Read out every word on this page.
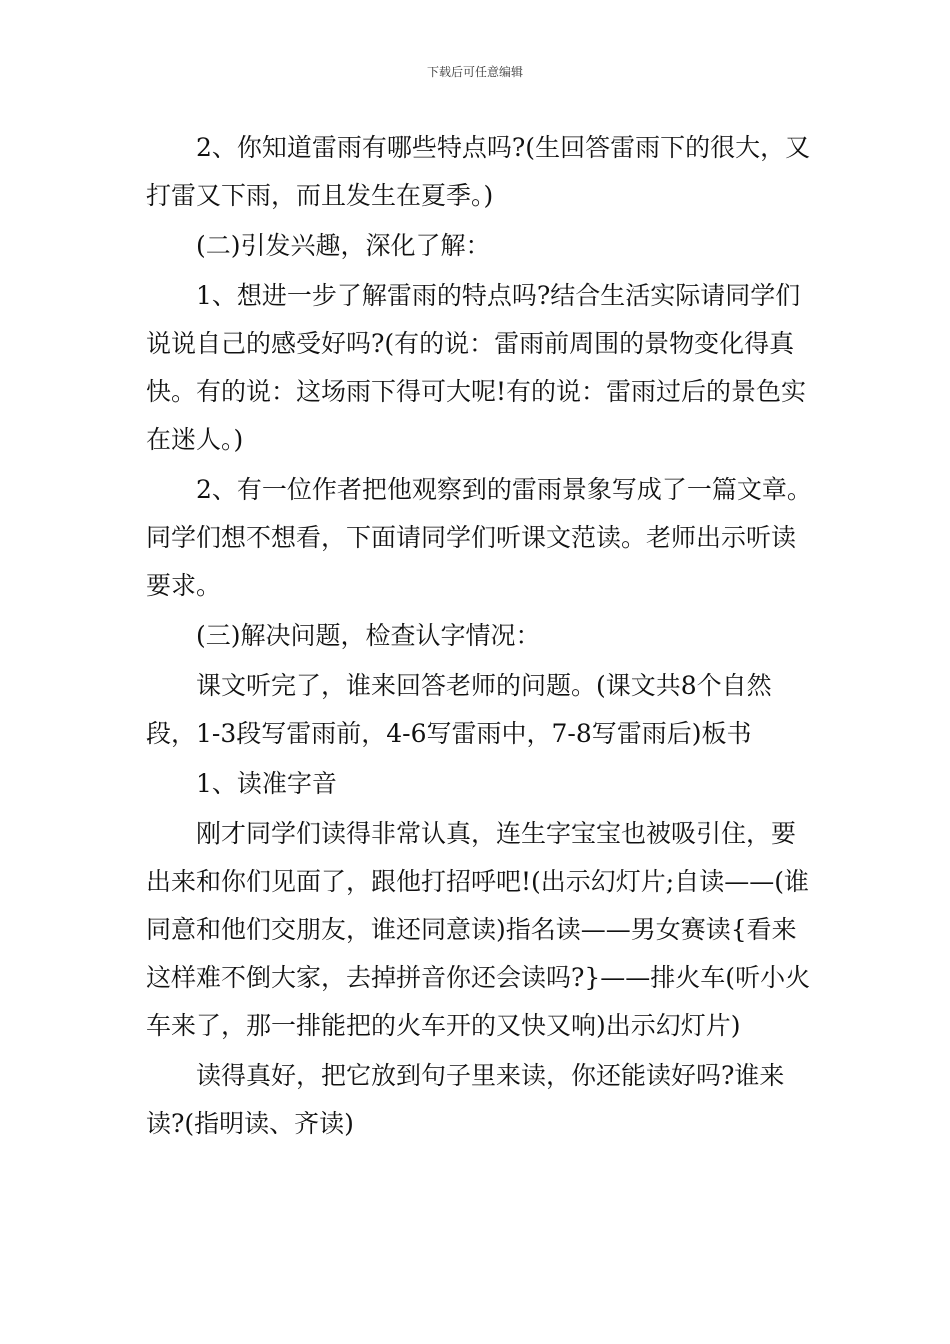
下载后可任意编辑

2、你知道雷雨有哪些特点吗?(生回答雷雨下的很大，又打雷又下雨，而且发生在夏季。)

(二)引发兴趣，深化了解：

1、想进一步了解雷雨的特点吗?结合生活实际请同学们说说自己的感受好吗?(有的说：雷雨前周围的景物变化得真快。有的说：这场雨下得可大呢!有的说：雷雨过后的景色实在迷人。)

2、有一位作者把他观察到的雷雨景象写成了一篇文章。同学们想不想看，下面请同学们听课文范读。老师出示听读要求。

(三)解决问题，检查认字情况：

课文听完了，谁来回答老师的问题。(课文共8个自然段，1-3段写雷雨前，4-6写雷雨中，7-8写雷雨后)板书

1、读准字音

刚才同学们读得非常认真，连生字宝宝也被吸引住，要出来和你们见面了，跟他打招呼吧!(出示幻灯片;自读——(谁同意和他们交朋友，谁还同意读)指名读——男女赛读{看来这样难不倒大家，去掉拼音你还会读吗?}——排火车(听小火车来了，那一排能把的火车开的又快又响)出示幻灯片)

读得真好，把它放到句子里来读，你还能读好吗?谁来读?(指明读、齐读)
